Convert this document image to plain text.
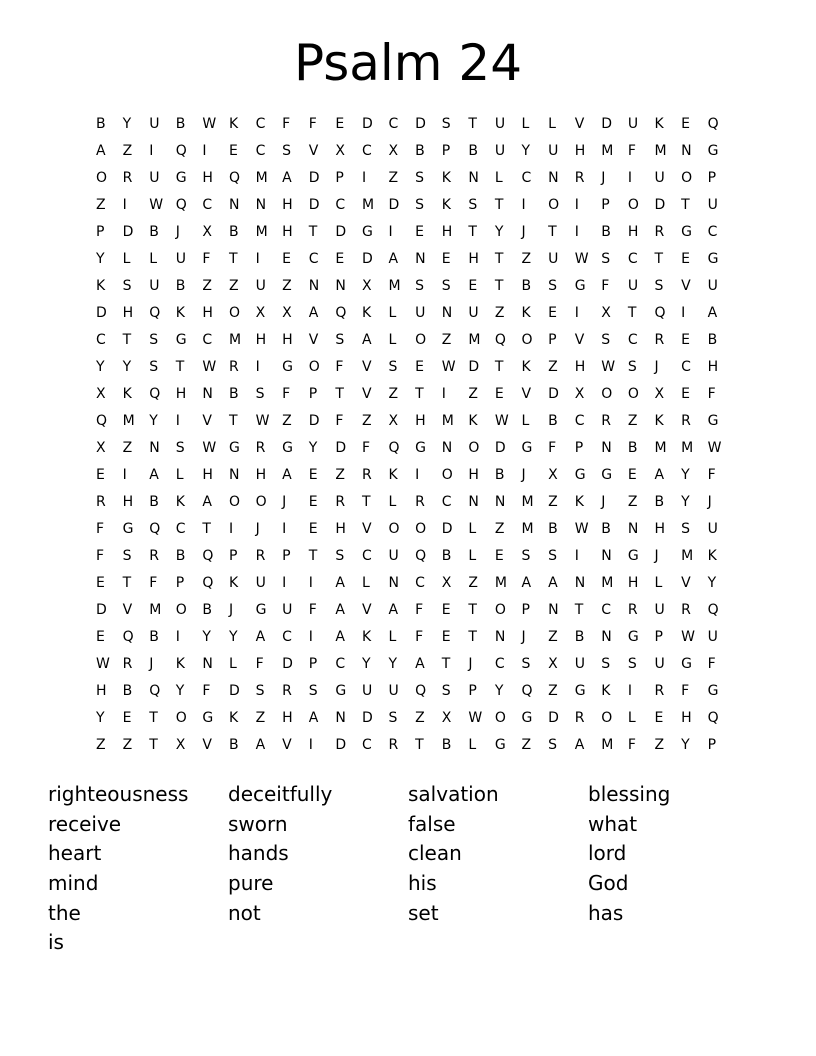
Psalm 24
B	Y	U	B	W K	C	F	F	E	D	C	D	S	T	U	L	L	V	D	U	K	E	Q
A	Z	I	Q	I	E	C	S	V	X	C	X	B	P	B	U	Y	U	H	M	F	M	N	G
O	R	U	G	H	Q	M	A	D	P	I	Z	S	K	N	L	C	N	R	J	I	U	O	P
Z	I	W Q	C	N	N	H	D	C	M	D	S	K	S	T	I	O	I	P	O	D	T	U
P	D	B	J	X	B	M	H	T	D	G	I	E	H	T	Y	J	T	I	B	H	R	G	C
Y	L	L	U	F	T	I	E	C	E	D	A	N	E	H	T	Z	U	W S	C	T	E	G
K	S	U	B	Z	Z	U	Z	N	N	X	M	S	S	E	T	B	S	G	F	U	S	V	U
D	H	Q	K	H	O	X	X	A	Q	K	L	U	N	U	Z	K	E	I	X	T	Q	I	A
C	T	S	G	C	M	H	H	V	S	A	L	O	Z	M	Q	O	P	V	S	C	R	E	B
Y	Y	S	T	W R	I	G	O	F	V	S	E	W D	T	K	Z	H	W S	J	C	H
X	K	Q	H	N	B	S	F	P	T	V	Z	T	I	Z	E	V	D	X	O	O	X	E	F
Q	M	Y	I	V	T	W Z	D	F	Z	X	H	M	K	W L	B	C	R	Z	K	R	G
X	Z	N	S	W G	R	G	Y	D	F	Q	G	N	O	D	G	F	P	N	B	M	M	W
E	I	A	L	H	N	H	A	E	Z	R	K	I	O	H	B	J	X	G	G	E	A	Y	F
R	H	B	K	A	O	O	J	E	R	T	L	R	C	N	N	M	Z	K	J	Z	B	Y	J
F	G	Q	C	T	I	J	I	E	H	V	O	O	D	L	Z	M	B	W B	N	H	S	U
F	S	R	B	Q	P	R	P	T	S	C	U	Q	B	L	E	S	S	I	N	G	J	M	K
E	T	F	P	Q	K	U	I	I	A	L	N	C	X	Z	M	A	A	N	M	H	L	V	Y
D	V	M	O	B	J	G	U	F	A	V	A	F	E	T	O	P	N	T	C	R	U	R	Q
E	Q	B	I	Y	Y	A	C	I	A	K	L	F	E	T	N	J	Z	B	N	G	P	W U
W R	J	K	N	L	F	D	P	C	Y	Y	A	T	J	C	S	X	U	S	S	U	G	F
H	B	Q	Y	F	D	S	R	S	G	U	U	Q	S	P	Y	Q	Z	G	K	I	R	F	G
Y	E	T	O	G	K	Z	H	A	N	D	S	Z	X	W O	G	D	R	O	L	E	H	Q
Z	Z	T	X	V	B	A	V	I	D	C	R	T	B	L	G	Z	S	A	M	F	Z	Y	P
righteousness	deceitfully	salvation	blessing
receive	sworn	false	what
heart	hands	clean	lord
mind	pure	his	God
the	not	set	has
is
